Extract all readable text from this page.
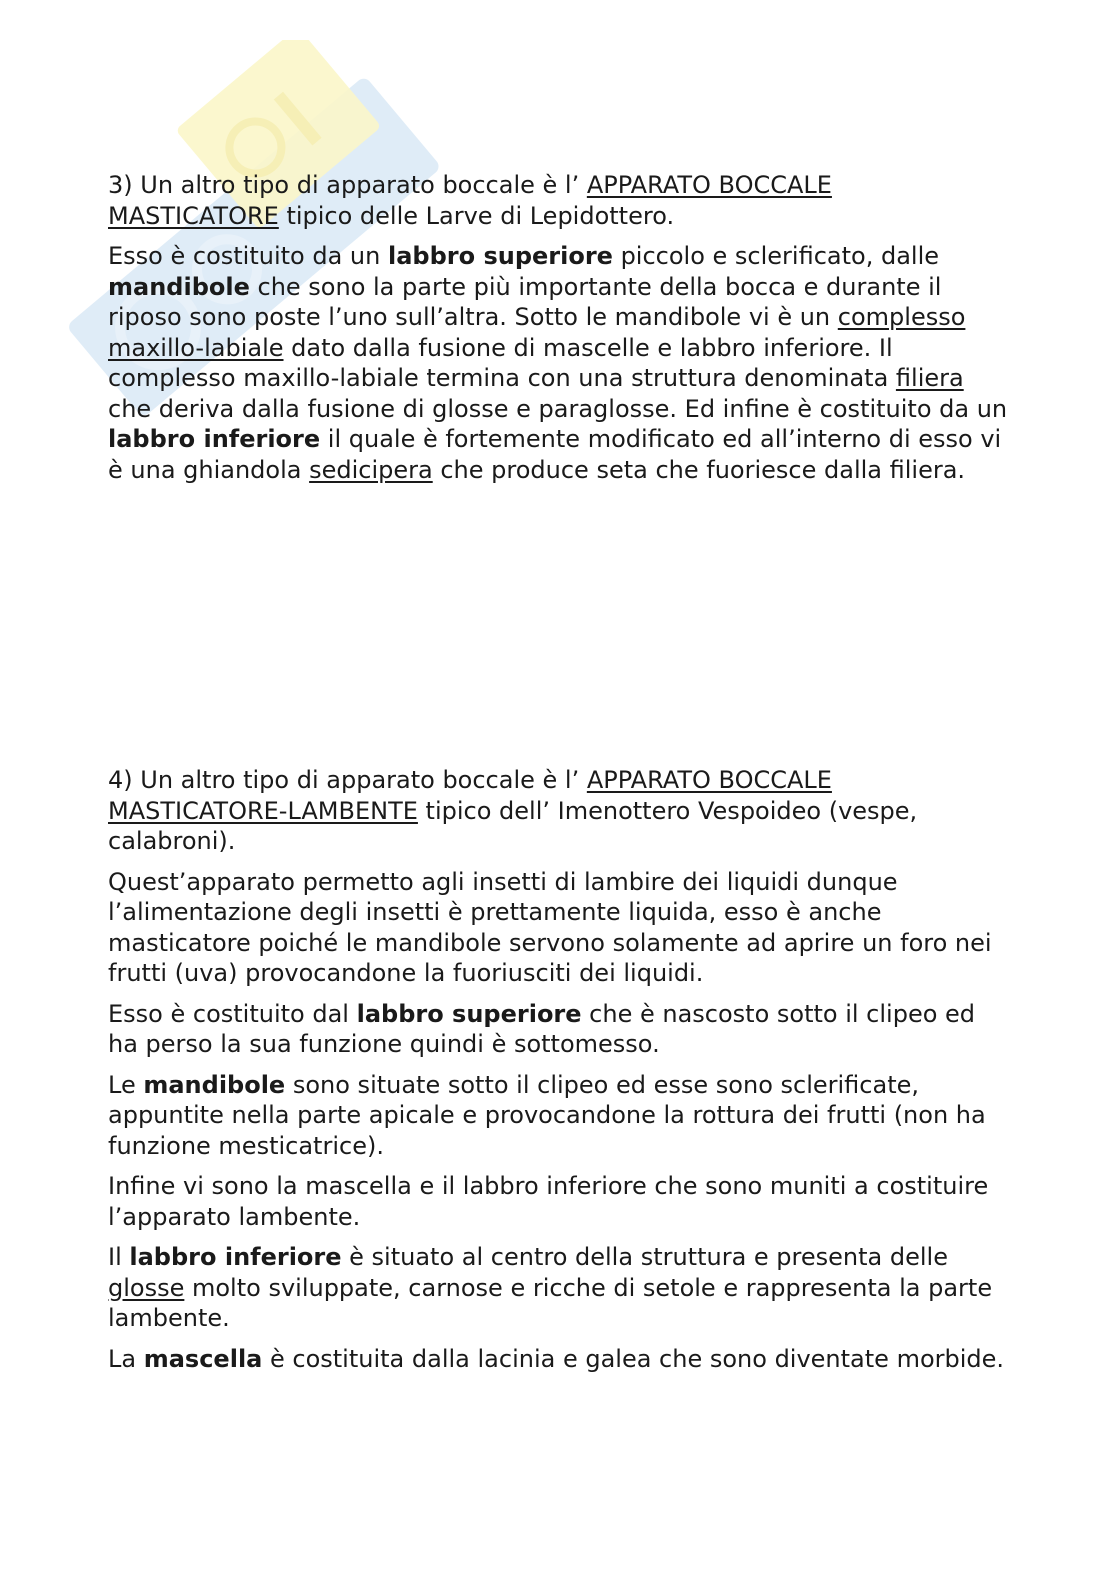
3) Un altro tipo di apparato boccale è l’ APPARATO BOCCALE MASTICATORE tipico delle Larve di Lepidottero.

Esso è costituito da un labbro superiore piccolo e sclerificato, dalle mandibole che sono la parte più importante della bocca e durante il riposo sono poste l’uno sull’altra. Sotto le mandibole vi è un complesso maxillo-labiale dato dalla fusione di mascelle e labbro inferiore. Il complesso maxillo-labiale termina con una struttura denominata filiera che deriva dalla fusione di glosse e paraglosse. Ed infine è costituito da un labbro inferiore il quale è fortemente modificato ed all’interno di esso vi è una ghiandola sedicipera che produce seta che fuoriesce dalla filiera.

4) Un altro tipo di apparato boccale è l’ APPARATO BOCCALE MASTICATORE-LAMBENTE tipico dell’ Imenottero Vespoideo (vespe, calabroni).

Quest’apparato permetto agli insetti di lambire dei liquidi dunque l’alimentazione degli insetti è prettamente liquida, esso è anche masticatore poiché le mandibole servono solamente ad aprire un foro nei frutti (uva) provocandone la fuoriusciti dei liquidi.

Esso è costituito dal labbro superiore che è nascosto sotto il clipeo ed ha perso la sua funzione quindi è sottomesso.

Le mandibole sono situate sotto il clipeo ed esse sono sclerificate, appuntite nella parte apicale e provocandone la rottura dei frutti (non ha funzione mesticatrice).

Infine vi sono la mascella e il labbro inferiore che sono muniti a costituire l’apparato lambente.

Il labbro inferiore è situato al centro della struttura e presenta delle glosse molto sviluppate, carnose e ricche di setole e rappresenta la parte lambente.

La mascella è costituita dalla lacinia e galea che sono diventate morbide.
